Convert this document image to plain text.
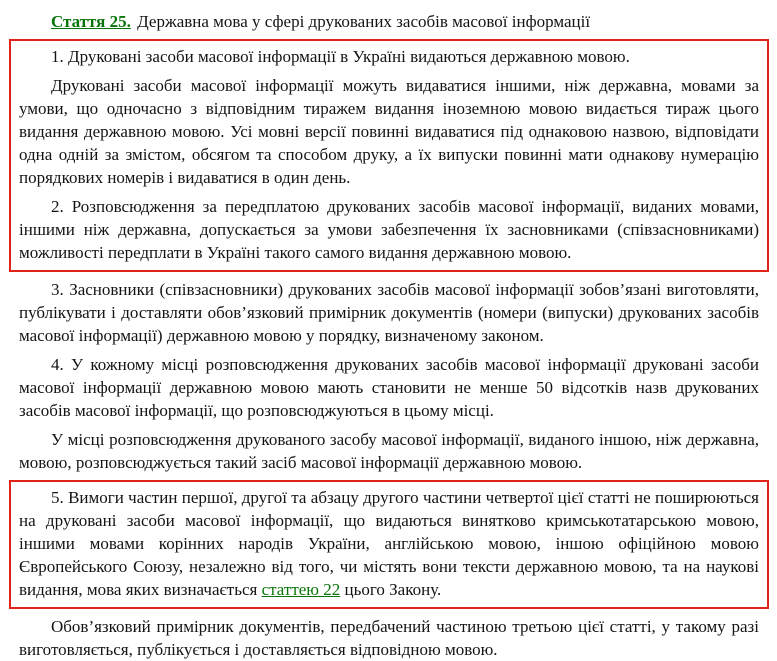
Стаття 25. Державна мова у сфері друкованих засобів масової інформації

1. Друковані засоби масової інформації в Україні видаються державною мовою.

Друковані засоби масової інформації можуть видаватися іншими, ніж державна, мовами за умови, що одночасно з відповідним тиражем видання іноземною мовою видається тираж цього видання державною мовою. Усі мовні версії повинні видаватися під однаковою назвою, відповідати одна одній за змістом, обсягом та способом друку, а їх випуски повинні мати однакову нумерацію порядкових номерів і видаватися в один день.

2. Розповсюдження за передплатою друкованих засобів масової інформації, виданих мовами, іншими ніж державна, допускається за умови забезпечення їх засновниками (співзасновниками) можливості передплати в Україні такого самого видання державною мовою.

3. Засновники (співзасновники) друкованих засобів масової інформації зобов’язані виготовляти, публікувати і доставляти обов’язковий примірник документів (номери (випуски) друкованих засобів масової інформації) державною мовою у порядку, визначеному законом.

4. У кожному місці розповсюдження друкованих засобів масової інформації друковані засоби масової інформації державною мовою мають становити не менше 50 відсотків назв друкованих засобів масової інформації, що розповсюджуються в цьому місці.

У місці розповсюдження друкованого засобу масової інформації, виданого іншою, ніж державна, мовою, розповсюджується такий засіб масової інформації державною мовою.

5. Вимоги частин першої, другої та абзацу другого частини четвертої цієї статті не поширюються на друковані засоби масової інформації, що видаються винятково кримськотатарською мовою, іншими мовами корінних народів України, англійською мовою, іншою офіційною мовою Європейського Союзу, незалежно від того, чи містять вони тексти державною мовою, та на наукові видання, мова яких визначається статтею 22 цього Закону.

Обов’язковий примірник документів, передбачений частиною третьою цієї статті, у такому разі виготовляється, публікується і доставляється відповідною мовою.
